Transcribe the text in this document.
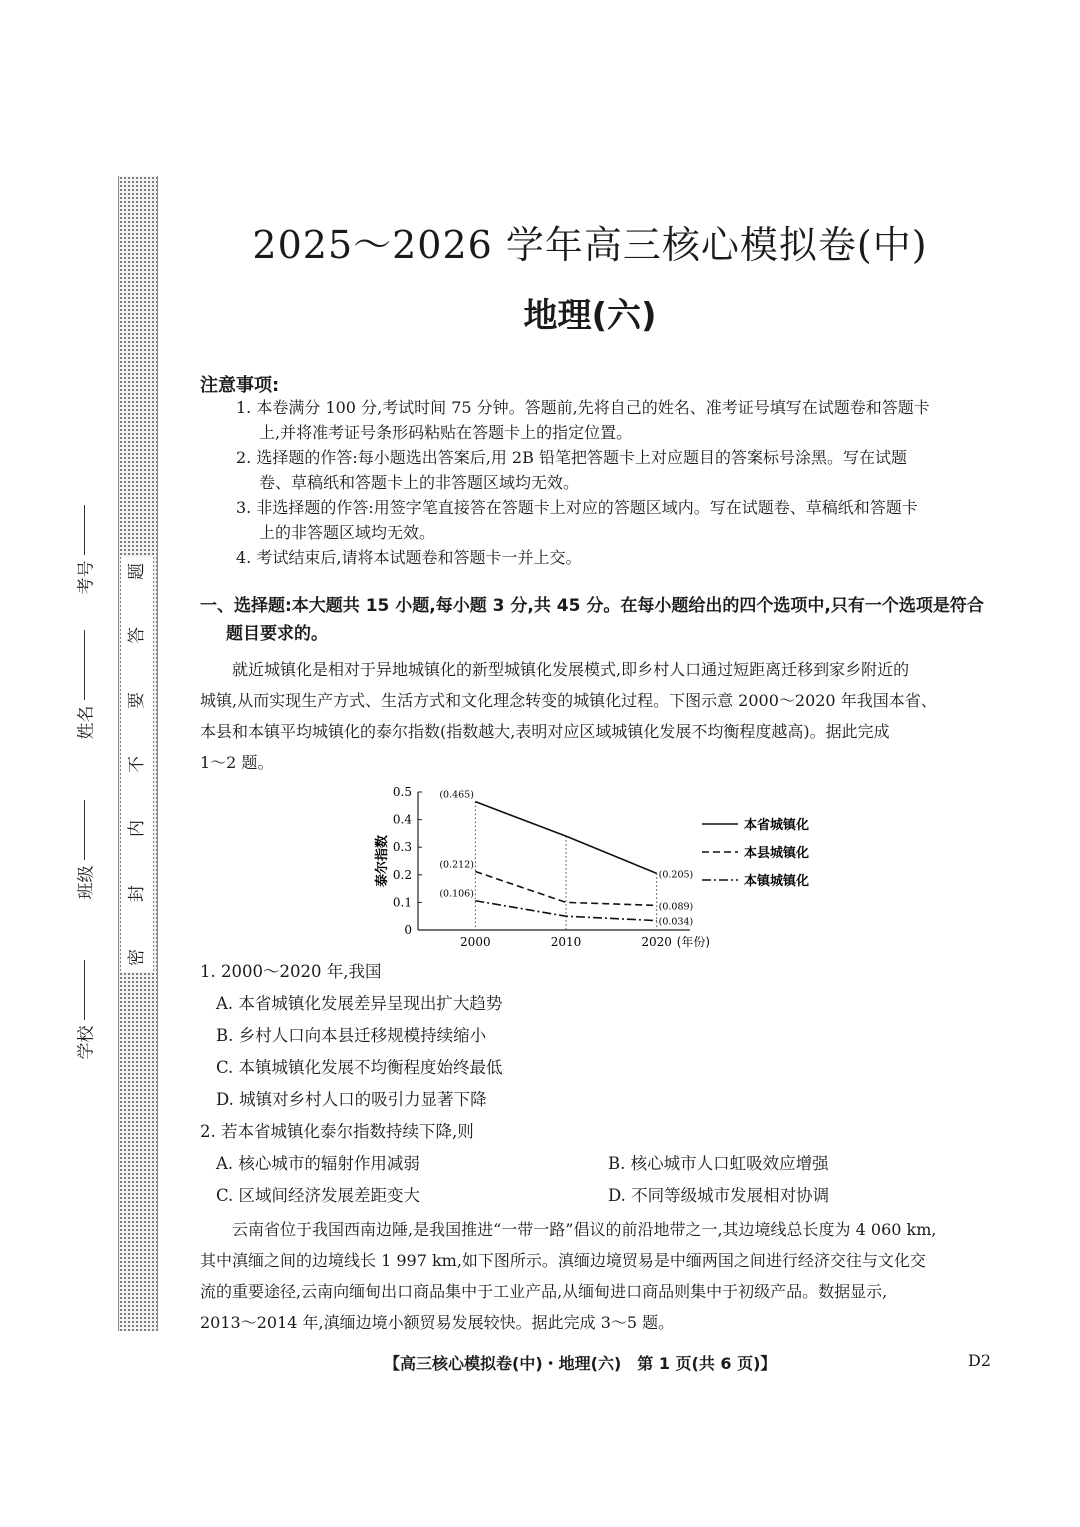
题
答
要
不
内
封
密
考号
姓名
班级
学校
2025～2026 学年高三核心模拟卷(中)
地理(六)
注意事项:
1. 本卷满分 100 分,考试时间 75 分钟。答题前,先将自己的姓名、准考证号填写在试题卷和答题卡
上,并将准考证号条形码粘贴在答题卡上的指定位置。
2. 选择题的作答:每小题选出答案后,用 2B 铅笔把答题卡上对应题目的答案标号涂黑。写在试题
卷、草稿纸和答题卡上的非答题区域均无效。
3. 非选择题的作答:用签字笔直接答在答题卡上对应的答题区域内。写在试题卷、草稿纸和答题卡
上的非答题区域均无效。
4. 考试结束后,请将本试题卷和答题卡一并上交。
一、选择题:本大题共 15 小题,每小题 3 分,共 45 分。在每小题给出的四个选项中,只有一个选项是符合
题目要求的。
就近城镇化是相对于异地城镇化的新型城镇化发展模式,即乡村人口通过短距离迁移到家乡附近的
城镇,从而实现生产方式、生活方式和文化理念转变的城镇化过程。下图示意 2000～2020 年我国本省、
本县和本镇平均城镇化的泰尔指数(指数越大,表明对应区域城镇化发展不均衡程度越高)。据此完成
1～2 题。
0
0.1
0.2
0.3
0.4
0.5
泰尔指数
2000	2010	2020 (年份)
(0.465)
(0.205)
本省城镇化
(0.212)
(0.089)
本县城镇化
(0.106)
(0.034)
本镇城镇化
1. 2000～2020 年,我国
A. 本省城镇化发展差异呈现出扩大趋势
B. 乡村人口向本县迁移规模持续缩小
C. 本镇城镇化发展不均衡程度始终最低
D. 城镇对乡村人口的吸引力显著下降
2. 若本省城镇化泰尔指数持续下降,则
A. 核心城市的辐射作用减弱	B. 核心城市人口虹吸效应增强
C. 区域间经济发展差距变大	D. 不同等级城市发展相对协调
云南省位于我国西南边陲,是我国推进“一带一路”倡议的前沿地带之一,其边境线总长度为 4 060 km,
其中滇缅之间的边境线长 1 997 km,如下图所示。滇缅边境贸易是中缅两国之间进行经济交往与文化交
流的重要途径,云南向缅甸出口商品集中于工业产品,从缅甸进口商品则集中于初级产品。数据显示,
2013～2014 年,滇缅边境小额贸易发展较快。据此完成 3～5 题。
【高三核心模拟卷(中)・地理(六)　第 1 页(共 6 页)】	D2
